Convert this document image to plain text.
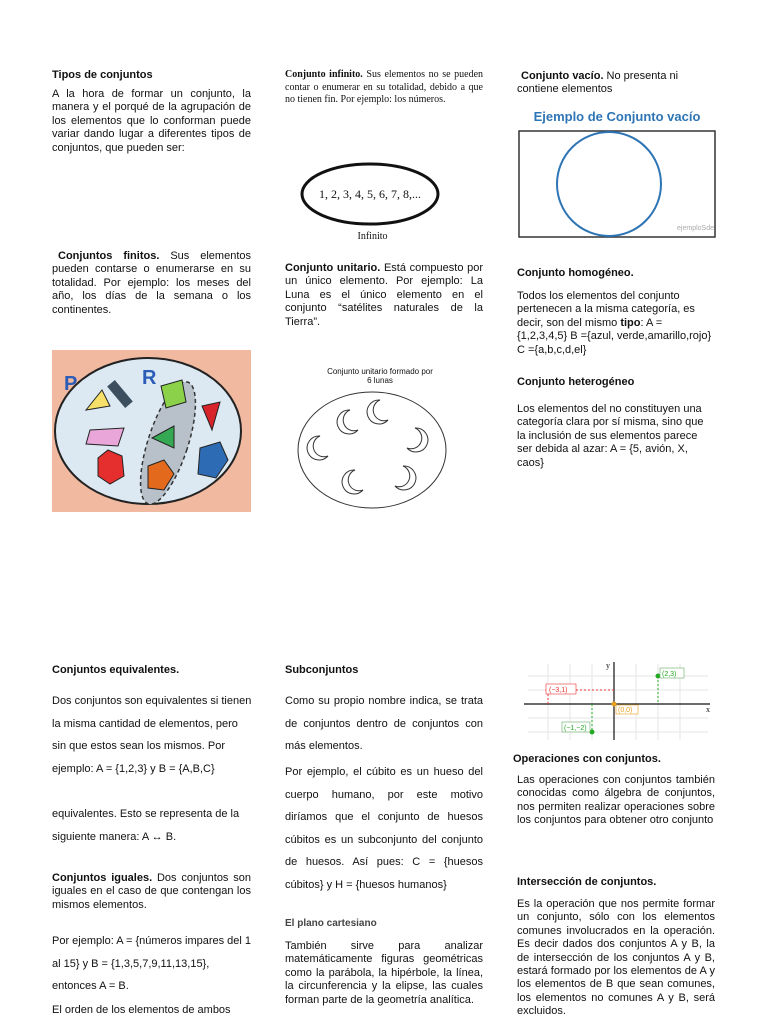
Tipos de conjuntos
A la hora de formar un conjunto, la manera y el porqué de la agrupación de los elementos que lo conforman puede variar dando lugar a diferentes tipos de conjuntos, que pueden ser:
Conjuntos finitos. Sus elementos pueden contarse o enumerarse en su totalidad. Por ejemplo: los meses del año, los días de la semana o los continentes.
P	R
Conjuntos equivalentes.
Dos conjuntos son equivalentes si tienen la misma cantidad de elementos, pero sin que estos sean los mismos. Por ejemplo: A = {1,2,3} y B = {A,B,C}
equivalentes. Esto se representa de la siguiente manera: A ↔ B.
Conjuntos iguales. Dos conjuntos son iguales en el caso de que contengan los mismos elementos.
Por ejemplo: A = {números impares del 1 al 15} y B = {1,3,5,7,9,11,13,15}, entonces A = B.
El orden de los elementos de ambos
Conjunto infinito. Sus elementos no se pueden contar o enumerar en su totalidad, debido a que no tienen fin. Por ejemplo: los números.
1, 2, 3, 4, 5, 6, 7, 8,...
Infinito
Conjunto unitario. Está compuesto por un único elemento. Por ejemplo: La Luna es el único elemento en el conjunto “satélites naturales de la Tierra”.
Conjunto unitario formado por 6 lunas
Subconjuntos
Como su propio nombre indica, se trata de conjuntos dentro de conjuntos con más elementos.
Por ejemplo, el cúbito es un hueso del cuerpo humano, por este motivo diríamos que el conjunto de huesos cúbitos es un subconjunto del conjunto de huesos. Así pues: C = {huesos cúbitos} y H = {huesos humanos}
El plano cartesiano
También sirve para analizar matemáticamente figuras geométricas como la parábola, la hipérbole, la línea, la circunferencia y la elipse, las cuales forman parte de la geometría analítica.
Conjunto vacío. No presenta ni contiene elementos
Ejemplo de Conjunto vacío
ejemploSde
Conjunto homogéneo.
Todos los elementos del conjunto pertenecen a la misma categoría, es decir, son del mismo tipo: A = {1,2,3,4,5} B ={azul, verde,amarillo,rojo} C ={a,b,c,d,el}
Conjunto heterogéneo
Los elementos del no constituyen una categoría clara por sí misma, sino que la inclusión de sus elementos parece ser debida al azar: A = {5, avión, X, caos}
x
y
(−3,1)
(2,3)
(0,0)
(−1,−2)
Operaciones con conjuntos.
Las operaciones con conjuntos también conocidas como álgebra de conjuntos, nos permiten realizar operaciones sobre los conjuntos para obtener otro conjunto
Intersección de conjuntos.
Es la operación que nos permite formar un conjunto, sólo con los elementos comunes involucrados en la operación. Es decir dados dos conjuntos A y B, la de intersección de los conjuntos A y B, estará formado por los elementos de A y los elementos de B que sean comunes, los elementos no comunes A y B, será excluidos.
